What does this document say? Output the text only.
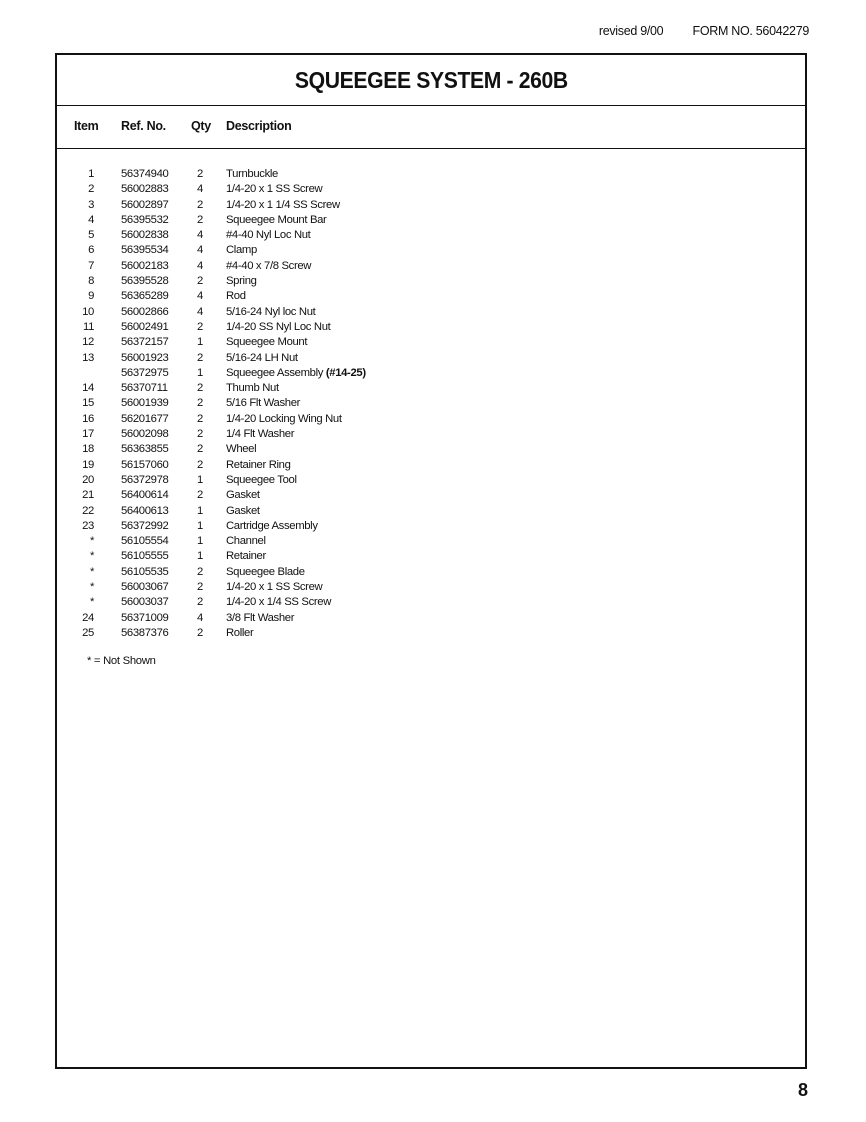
revised 9/00 FORM NO. 56042279
SQUEEGEE SYSTEM - 260B
Item Ref. No. Qty Description
1 56374940	2 Turnbuckle
2 56002883	4 1/4-20 x 1 SS Screw
3 56002897	2 1/4-20 x 1 1/4 SS Screw
4 56395532	2 Squeegee Mount Bar
5 56002838	4 #4-40 Nyl Loc Nut
6 56395534	4 Clamp
7 56002183	4 #4-40 x 7/8 Screw
8 56395528	2 Spring
9 56365289	4 Rod
10 56002866	4 5/16-24 Nyl loc Nut
11 56002491	2 1/4-20 SS Nyl Loc Nut
12 56372157	1 Squeegee Mount
13 56001923	2 5/16-24 LH Nut
56372975	1 Squeegee Assembly (#14-25)
14 56370711	2 Thumb Nut
15 56001939	2 5/16 Flt Washer
16 56201677	2 1/4-20 Locking Wing Nut
17 56002098	2 1/4 Flt Washer
18 56363855	2 Wheel
19 56157060	2 Retainer Ring
20 56372978	1 Squeegee Tool
21 56400614	2 Gasket
22 56400613	1 Gasket
23 56372992	1 Cartridge Assembly
* 56105554	1 Channel
* 56105555	1 Retainer
* 56105535	2 Squeegee Blade
* 56003067	2 1/4-20 x 1 SS Screw
* 56003037	2 1/4-20 x 1/4 SS Screw
24 56371009	4 3/8 Flt Washer
25 56387376	2 Roller
* = Not Shown
8
